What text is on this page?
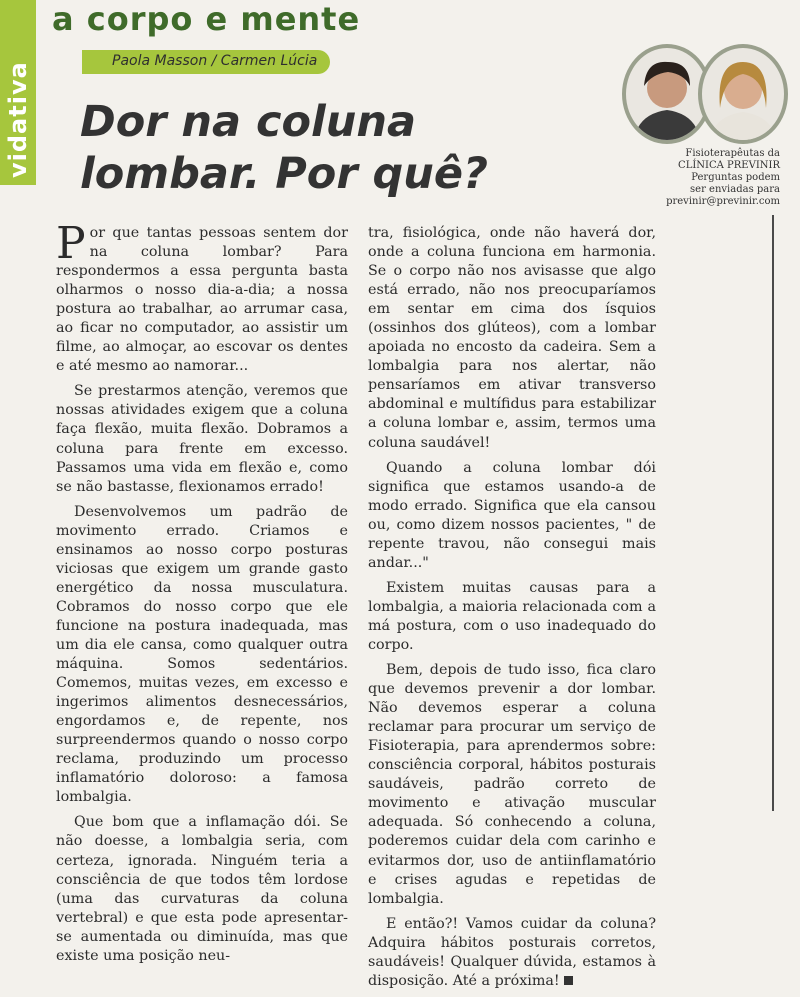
vidativa
a corpo e mente
Paola Masson / Carmen Lúcia
Dor na coluna
lombar. Por quê?	Fisioterapêutas da
CLÍNICA PREVINIR
Perguntas podem
ser enviadas para
previnir@previnir.com

Por que tantas pessoas sentem dor na coluna lombar? Para respondermos a essa pergunta basta olharmos o nosso dia-a-dia; a nossa postura ao trabalhar, ao arrumar casa, ao ficar no computador, ao assistir um filme, ao almoçar, ao escovar os dentes e até mesmo ao namorar...

Se prestarmos atenção, veremos que nossas atividades exigem que a coluna faça flexão, muita flexão. Dobramos a coluna para frente em excesso. Passamos uma vida em flexão e, como se não bastasse, flexionamos errado!

Desenvolvemos um padrão de movimento errado. Criamos e ensinamos ao nosso corpo posturas viciosas que exigem um grande gasto energético da nossa musculatura. Cobramos do nosso corpo que ele funcione na postura inadequada, mas um dia ele cansa, como qualquer outra máquina. Somos sedentários. Comemos, muitas vezes, em excesso e ingerimos alimentos desnecessários, engordamos e, de repente, nos surpreendermos quando o nosso corpo reclama, produzindo um processo inflamatório doloroso: a famosa lombalgia.

Que bom que a inflamação dói. Se não doesse, a lombalgia seria, com certeza, ignorada. Ninguém teria a consciência de que todos têm lordose (uma das curvaturas da coluna vertebral) e que esta pode apresentar-se aumentada ou diminuída, mas que existe uma posição neu-

tra, fisiológica, onde não haverá dor, onde a coluna funciona em harmonia. Se o corpo não nos avisasse que algo está errado, não nos preocuparíamos em sentar em cima dos ísquios (ossinhos dos glúteos), com a lombar apoiada no encosto da cadeira. Sem a lombalgia para nos alertar, não pensaríamos em ativar transverso abdominal e multífidus para estabilizar a coluna lombar e, assim, termos uma coluna saudável!

Quando a coluna lombar dói significa que estamos usando-a de modo errado. Significa que ela cansou ou, como dizem nossos pacientes, " de repente travou, não consegui mais andar..."

Existem muitas causas para a lombalgia, a maioria relacionada com a má postura, com o uso inadequado do corpo.

Bem, depois de tudo isso, fica claro que devemos prevenir a dor lombar. Não devemos esperar a coluna reclamar para procurar um serviço de Fisioterapia, para aprendermos sobre: consciência corporal, hábitos posturais saudáveis, padrão correto de movimento e ativação muscular adequada. Só conhecendo a coluna, poderemos cuidar dela com carinho e evitarmos dor, uso de antiinflamatório e crises agudas e repetidas de lombalgia.

E então?! Vamos cuidar da coluna?Adquira hábitos posturais corretos, saudáveis! Qualquer dúvida, estamos à disposição. Até a próxima!
